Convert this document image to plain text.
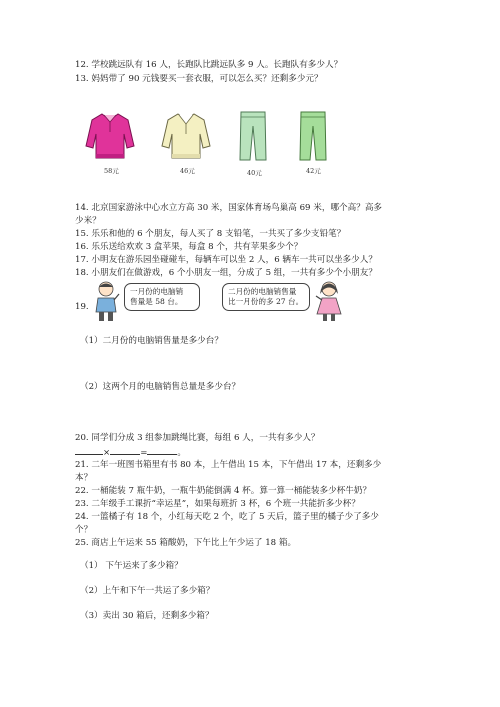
12. 学校跳远队有 16 人，长跑队比跳远队多 9 人。长跑队有多少人？
13. 妈妈带了 90 元钱要买一套衣服，可以怎么买？还剩多少元？
58元	46元	40元	42元
14. 北京国家游泳中心水立方高 30 米，国家体育场鸟巢高 69 米，哪个高？高多
少米？
15. 乐乐和他的 6 个朋友，每人买了 8 支铅笔，一共买了多少支铅笔？
16. 乐乐送给欢欢 3 盒苹果，每盒 8 个，共有苹果多少个？
17. 小明友在游乐园坐碰碰车，每辆车可以坐 2 人，6 辆车一共可以坐多少人？
18. 小朋友们在做游戏，6 个小朋友一组，分成了 5 组，一共有多少个小朋友？
19.
一月份的电脑销
售量是 58 台。
二月份的电脑销售量
比一月份的多 27 台。
（1）二月份的电脑销售量是多少台？
（2）这两个月的电脑销售总量是多少台？
20. 同学们分成 3 组参加跳绳比赛，每组 6 人，一共有多少人？
×	=	。
21. 二年一班图书箱里有书 80 本，上午借出 15 本，下午借出 17 本，还剩多少
本？
22. 一桶能装 7 瓶牛奶，一瓶牛奶能倒满 4 杯。算一算一桶能装多少杯牛奶？
23. 二年级手工课折“幸运星”，如果每班折 3 杯，6 个班一共能折多少杯？
24. 一篮橘子有 18 个，小红每天吃 2 个，吃了 5 天后，篮子里的橘子少了多少
个？
25. 商店上午运来 55 箱酸奶，下午比上午少运了 18 箱。
（1） 下午运来了多少箱？
（2）上午和下午一共运了多少箱？
（3）卖出 30 箱后，还剩多少箱？
